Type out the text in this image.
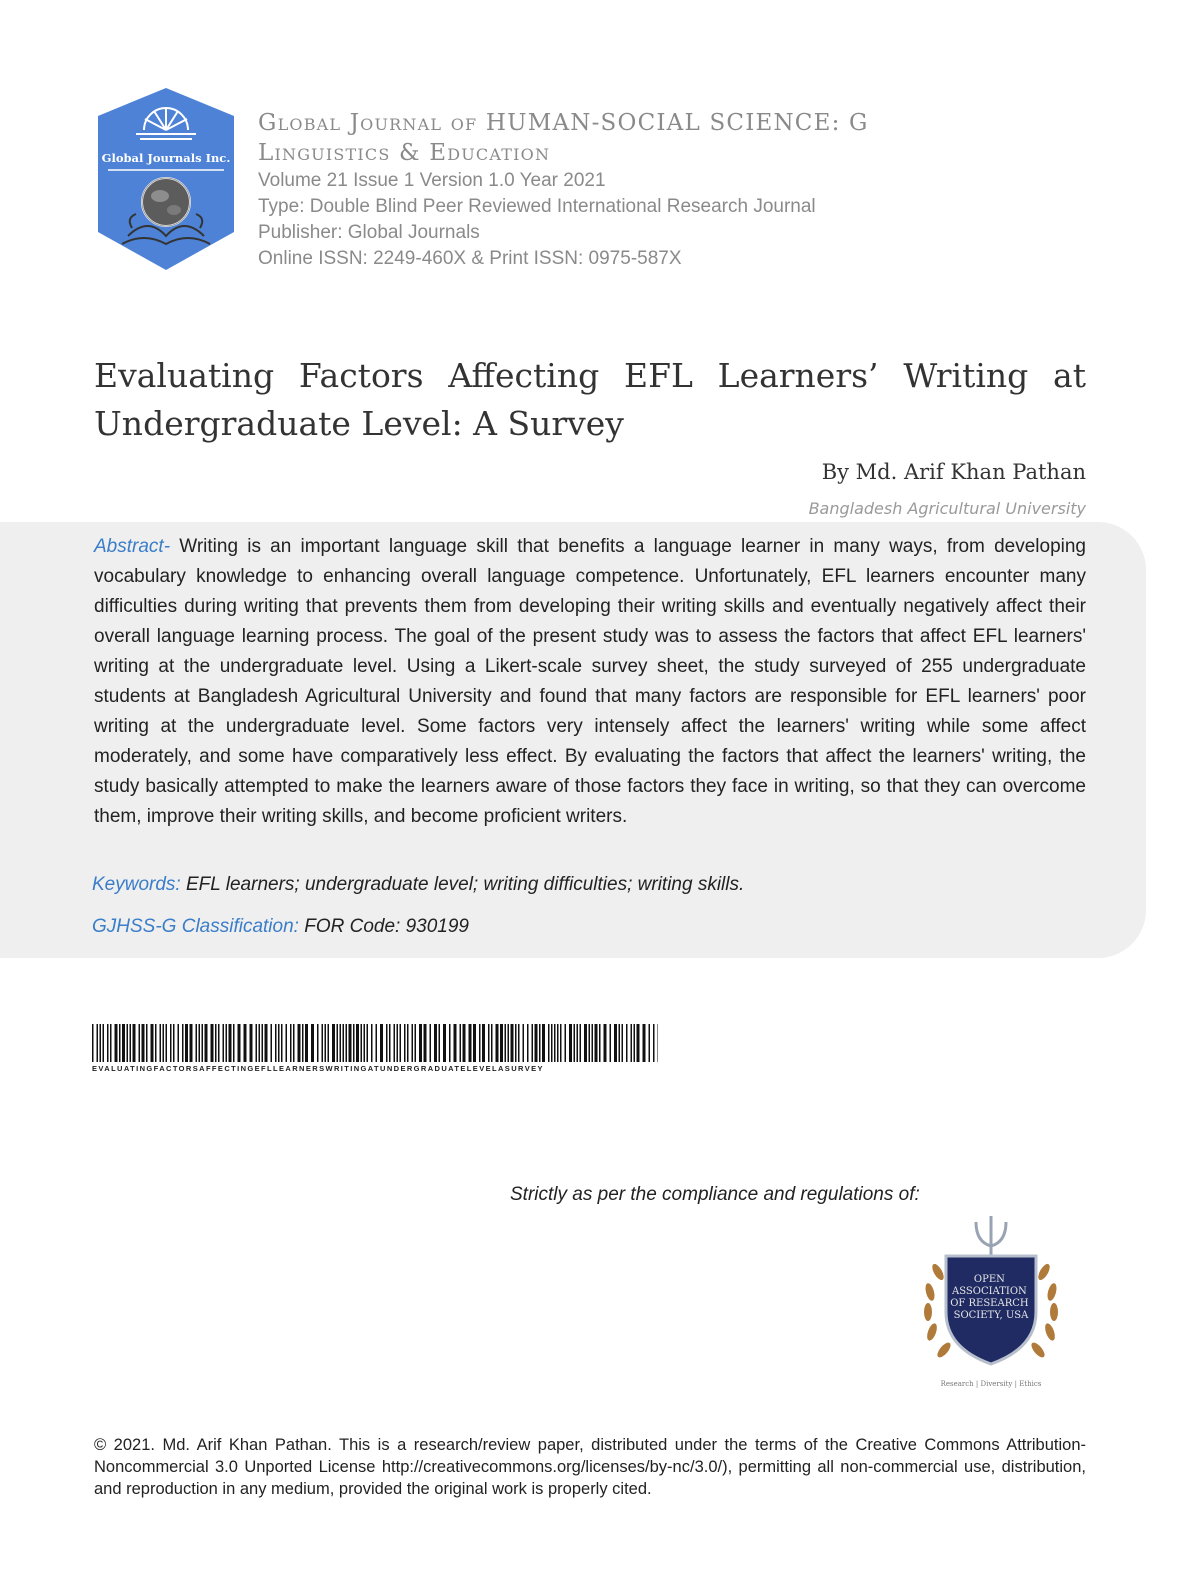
Global Journals Inc.
Global Journal of HUMAN-SOCIAL SCIENCE: G
Linguistics & Education
Volume 21 Issue 1 Version 1.0 Year 2021
Type: Double Blind Peer Reviewed International Research Journal
Publisher: Global Journals
Online ISSN: 2249-460X & Print ISSN: 0975-587X
Evaluating Factors Affecting EFL Learners’ Writing at Undergraduate Level: A Survey
By Md. Arif Khan Pathan
Bangladesh Agricultural University

Abstract- Writing is an important language skill that benefits a language learner in many ways, from developing vocabulary knowledge to enhancing overall language competence. Unfortunately, EFL learners encounter many difficulties during writing that prevents them from developing their writing skills and eventually negatively affect their overall language learning process. The goal of the present study was to assess the factors that affect EFL learners' writing at the undergraduate level. Using a Likert-scale survey sheet, the study surveyed of 255 undergraduate students at Bangladesh Agricultural University and found that many factors are responsible for EFL learners' poor writing at the undergraduate level. Some factors very intensely affect the learners' writing while some affect moderately, and some have comparatively less effect. By evaluating the factors that affect the learners' writing, the study basically attempted to make the learners aware of those factors they face in writing, so that they can overcome them, improve their writing skills, and become proficient writers.

Keywords: EFL learners; undergraduate level; writing difficulties; writing skills.
GJHSS-G Classification: FOR Code: 930199
EVALUATINGFACTORSAFFECTINGEFLLEARNERSWRITINGATUNDERGRADUATELEVELASURVEY
Strictly as per the compliance and regulations of:
OPEN ASSOCIATION OF RESEARCH SOCIETY, USA
Research | Diversity | Ethics

© 2021. Md. Arif Khan Pathan. This is a research/review paper, distributed under the terms of the Creative Commons Attribution-Noncommercial 3.0 Unported License http://creativecommons.org/licenses/by-nc/3.0/), permitting all non-commercial use, distribution, and reproduction in any medium, provided the original work is properly cited.
